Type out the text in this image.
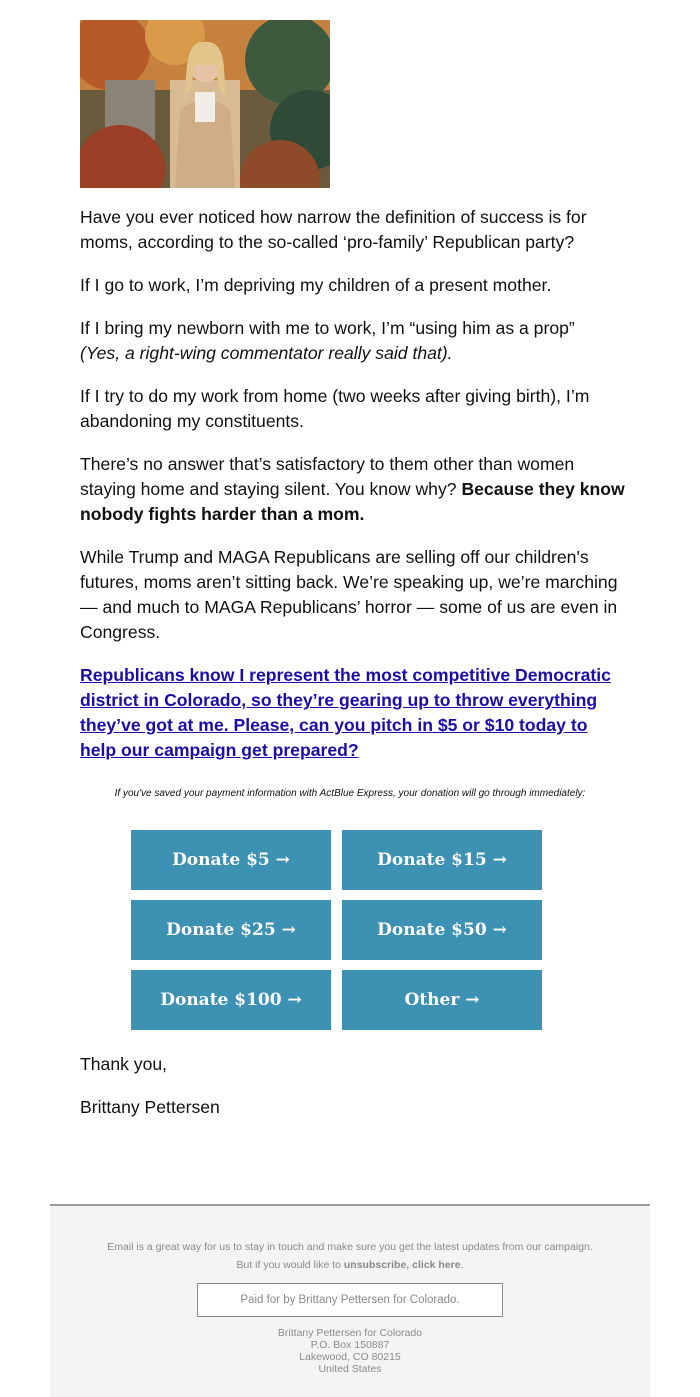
Have you ever noticed how narrow the definition of success is for moms, according to the so-called ‘pro-family’ Republican party?

If I go to work, I’m depriving my children of a present mother.

If I bring my newborn with me to work, I’m “using him as a prop”
(Yes, a right-wing commentator really said that).

If I try to do my work from home (two weeks after giving birth), I’m abandoning my constituents.

There’s no answer that’s satisfactory to them other than women staying home and staying silent. You know why? Because they know nobody fights harder than a mom.

While Trump and MAGA Republicans are selling off our children's futures, moms aren’t sitting back. We’re speaking up, we’re marching — and much to MAGA Republicans’ horror — some of us are even in Congress.

Republicans know I represent the most competitive Democratic district in Colorado, so they’re gearing up to throw everything they’ve got at me. Please, can you pitch in $5 or $10 today to help our campaign get prepared?
If you've saved your payment information with ActBlue Express, your donation will go through immediately:
Donate $5 →	Donate $15 →
Donate $25 →	Donate $50 →
Donate $100 →	Other →
Thank you,
Brittany Pettersen
Email is a great way for us to stay in touch and make sure you get the latest updates from our campaign.
But if you would like to unsubscribe, click here.
Paid for by Brittany Pettersen for Colorado.
Brittany Pettersen for Colorado
P.O. Box 150887
Lakewood, CO 80215
United States
